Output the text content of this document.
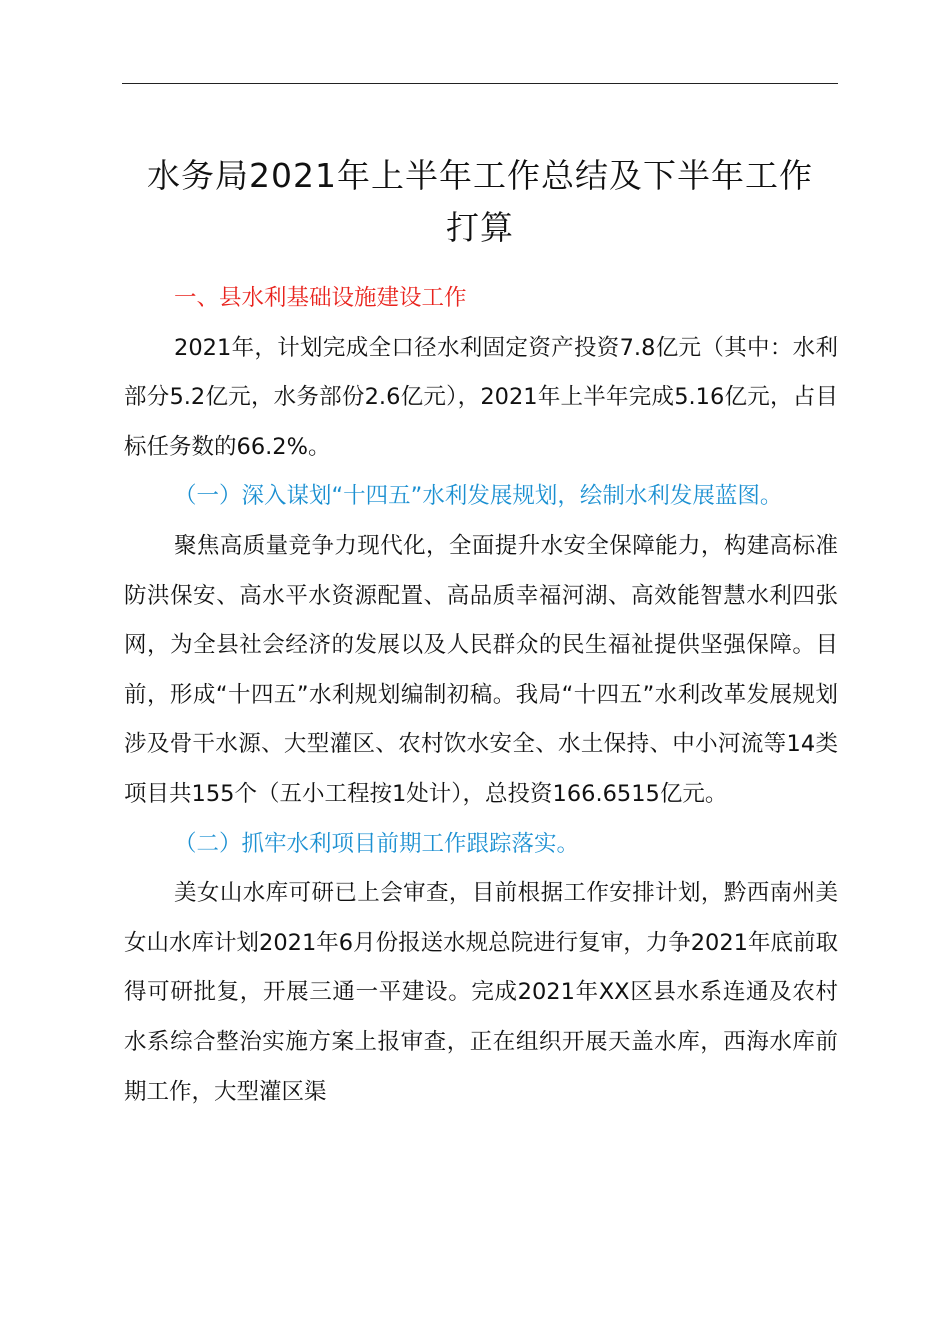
水务局2021年上半年工作总结及下半年工作
打算

一、县水利基础设施建设工作

2021年，计划完成全口径水利固定资产投资7.8亿元（其中：水利部分5.2亿元，水务部份2.6亿元），2021年上半年完成5.16亿元，占目标任务数的66.2%。

（一）深入谋划“十四五”水利发展规划，绘制水利发展蓝图。

聚焦高质量竞争力现代化，全面提升水安全保障能力，构建高标准防洪保安、高水平水资源配置、高品质幸福河湖、高效能智慧水利四张网，为全县社会经济的发展以及人民群众的民生福祉提供坚强保障。目前，形成“十四五”水利规划编制初稿。我局“十四五”水利改革发展规划涉及骨干水源、大型灌区、农村饮水安全、水土保持、中小河流等14类项目共155个（五小工程按1处计），总投资166.6515亿元。

（二）抓牢水利项目前期工作跟踪落实。

美女山水库可研已上会审查，目前根据工作安排计划，黔西南州美女山水库计划2021年6月份报送水规总院进行复审，力争2021年底前取得可研批复，开展三通一平建设。完成2021年XX区县水系连通及农村水系综合整治实施方案上报审查，正在组织开展天盖水库，西海水库前期工作，大型灌区渠
